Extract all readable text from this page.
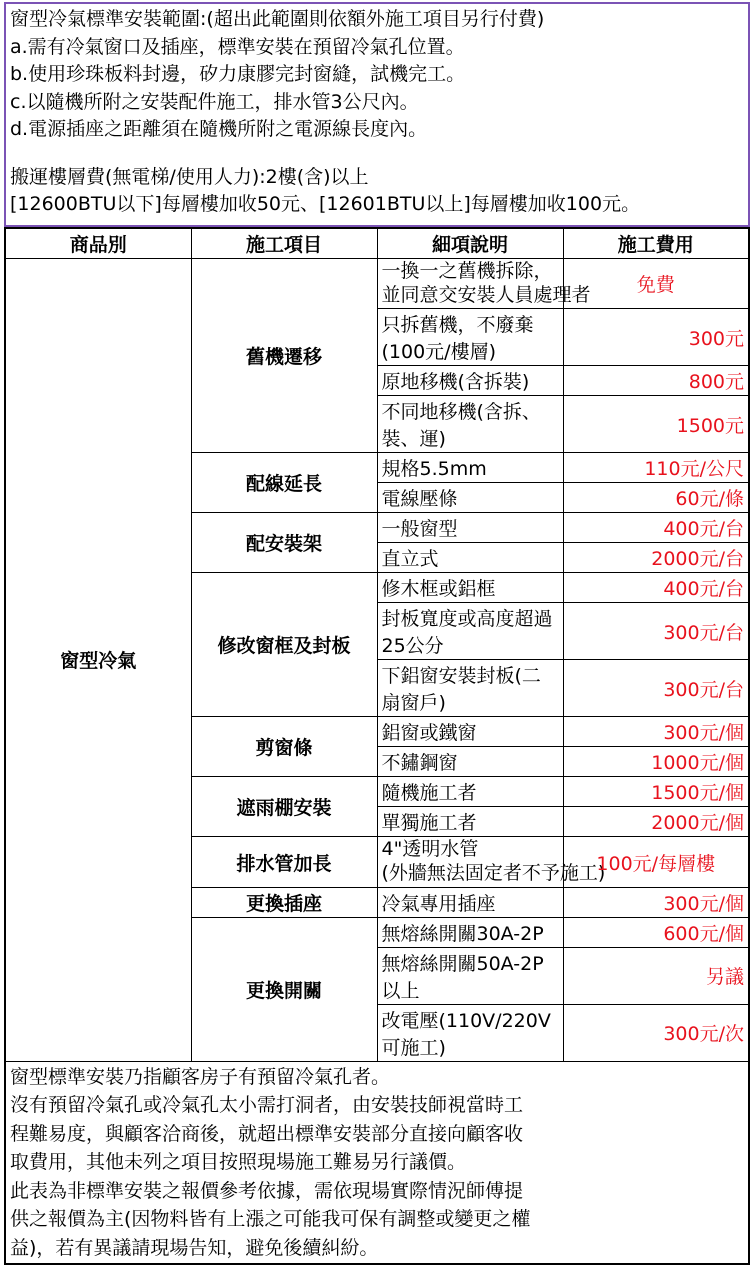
窗型冷氣標準安裝範圍:(超出此範圍則依額外施工項目另行付費)
a.需有冷氣窗口及插座，標準安裝在預留冷氣孔位置。
b.使用珍珠板料封邊，矽力康膠完封窗縫，試機完工。
c.以隨機所附之安裝配件施工，排水管3公尺內。
d.電源插座之距離須在隨機所附之電源線長度內。
搬運樓層費(無電梯/使用人力):2樓(含)以上
[12600BTU以下]每層樓加收50元、[12601BTU以上]每層樓加收100元。
商品別	施工項目	細項說明	施工費用
窗型冷氣	舊機遷移	一換一之舊機拆除，
並同意交安裝人員處理者	免費
		只拆舊機，不廢棄(100元/樓層)	300元
		原地移機(含拆裝)	800元
		不同地移機(含拆、裝、運)	1500元
	配線延長	規格5.5mm	110元/公尺
		電線壓條	60元/條
	配安裝架	一般窗型	400元/台
		直立式	2000元/台
	修改窗框及封板	修木框或鋁框	400元/台
		封板寬度或高度超過25公分	300元/台
		下鋁窗安裝封板(二扇窗戶)	300元/台
	剪窗條	鋁窗或鐵窗	300元/個
		不鏽鋼窗	1000元/個
	遮雨棚安裝	隨機施工者	1500元/個
		單獨施工者	2000元/個
	排水管加長	4"透明水管
(外牆無法固定者不予施工)	100元/每層樓
	更換插座	冷氣專用插座	300元/個
	更換開關	無熔絲開關30A-2P	600元/個
		無熔絲開關50A-2P以上	另議
		改電壓(110V/220V可施工)	300元/次

窗型標準安裝乃指顧客房子有預留冷氣孔者。

沒有預留冷氣孔或冷氣孔太小需打洞者，由安裝技師視當時工

程難易度，與顧客洽商後，就超出標準安裝部分直接向顧客收

取費用，其他未列之項目按照現場施工難易另行議價。

此表為非標準安裝之報價參考依據，需依現場實際情況師傅提

供之報價為主(因物料皆有上漲之可能我可保有調整或變更之權

益)，若有異議請現場告知，避免後續糾紛。
